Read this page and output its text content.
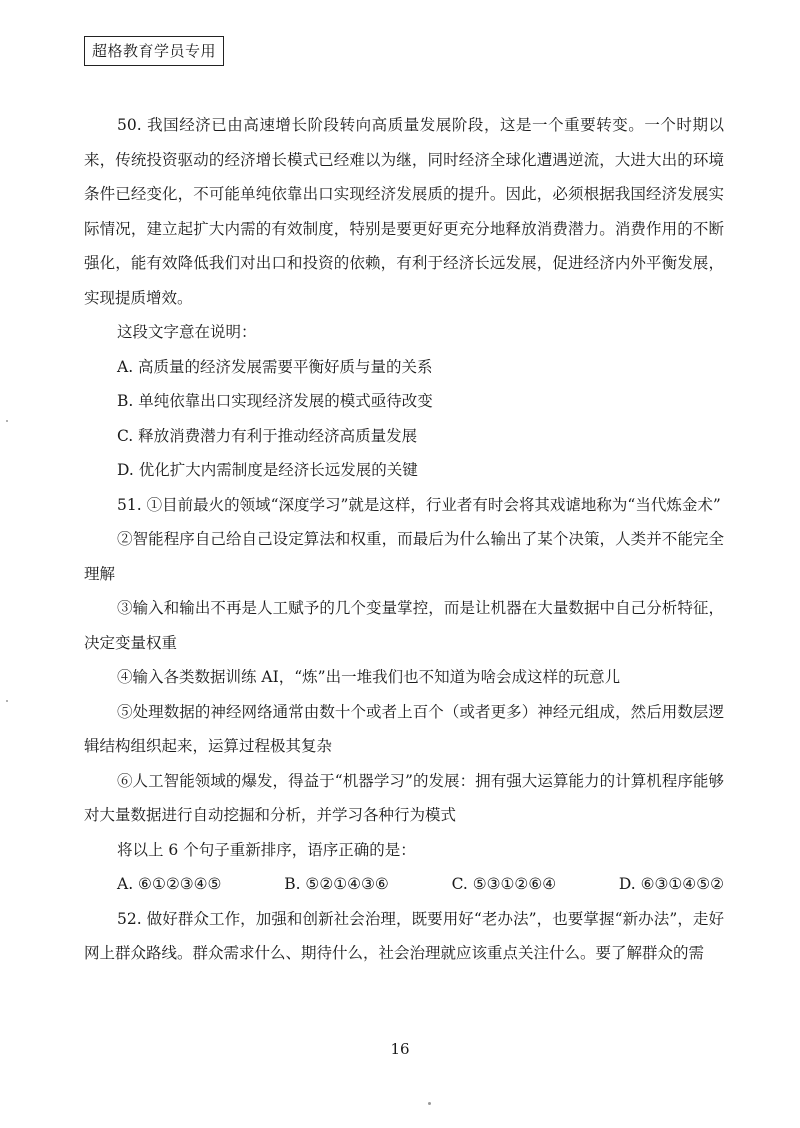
超格教育学员专用

50. 我国经济已由高速增长阶段转向高质量发展阶段，这是一个重要转变。一个时期以来，传统投资驱动的经济增长模式已经难以为继，同时经济全球化遭遇逆流，大进大出的环境条件已经变化，不可能单纯依靠出口实现经济发展质的提升。因此，必须根据我国经济发展实际情况，建立起扩大内需的有效制度，特别是要更好更充分地释放消费潜力。消费作用的不断强化，能有效降低我们对出口和投资的依赖，有利于经济长远发展，促进经济内外平衡发展，实现提质增效。

这段文字意在说明：

A. 高质量的经济发展需要平衡好质与量的关系

B. 单纯依靠出口实现经济发展的模式亟待改变

C. 释放消费潜力有利于推动经济高质量发展

D. 优化扩大内需制度是经济长远发展的关键

51. ①目前最火的领域“深度学习”就是这样，行业者有时会将其戏谑地称为“当代炼金术”

②智能程序自己给自己设定算法和权重，而最后为什么输出了某个决策，人类并不能完全理解

③输入和输出不再是人工赋予的几个变量掌控，而是让机器在大量数据中自己分析特征，决定变量权重

④输入各类数据训练 AI，“炼”出一堆我们也不知道为啥会成这样的玩意儿

⑤处理数据的神经网络通常由数十个或者上百个（或者更多）神经元组成，然后用数层逻辑结构组织起来，运算过程极其复杂

⑥人工智能领域的爆发，得益于“机器学习”的发展：拥有强大运算能力的计算机程序能够对大量数据进行自动挖掘和分析，并学习各种行为模式

将以上 6 个句子重新排序，语序正确的是：

A. ⑥①②③④⑤	B. ⑤②①④③⑥	C. ⑤③①②⑥④	D. ⑥③①④⑤②

52. 做好群众工作，加强和创新社会治理，既要用好“老办法”，也要掌握“新办法”，走好网上群众路线。群众需求什么、期待什么，社会治理就应该重点关注什么。要了解群众的需

16
